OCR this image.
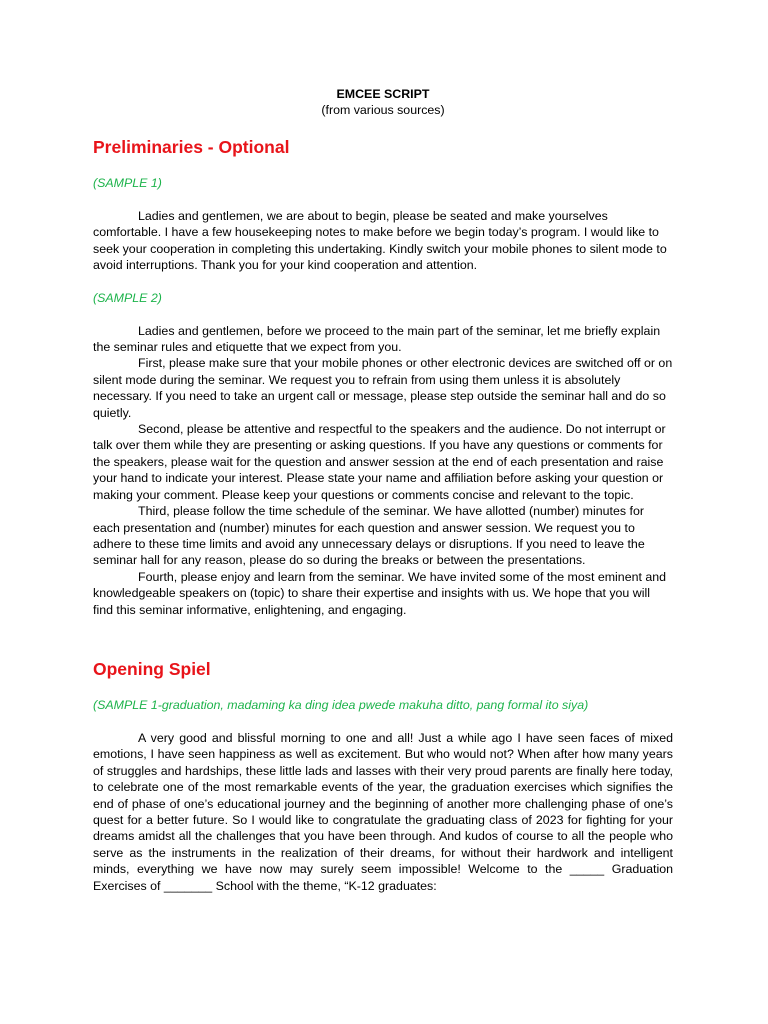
EMCEE SCRIPT

(from various sources)

Preliminaries - Optional

(SAMPLE 1)

Ladies and gentlemen, we are about to begin, please be seated and make yourselves comfortable. I have a few housekeeping notes to make before we begin today’s program. I would like to seek your cooperation in completing this undertaking. Kindly switch your mobile phones to silent mode to avoid interruptions. Thank you for your kind cooperation and attention.

(SAMPLE 2)

Ladies and gentlemen, before we proceed to the main part of the seminar, let me briefly explain the seminar rules and etiquette that we expect from you.

First, please make sure that your mobile phones or other electronic devices are switched off or on silent mode during the seminar. We request you to refrain from using them unless it is absolutely necessary. If you need to take an urgent call or message, please step outside the seminar hall and do so quietly.

Second, please be attentive and respectful to the speakers and the audience. Do not interrupt or talk over them while they are presenting or asking questions. If you have any questions or comments for the speakers, please wait for the question and answer session at the end of each presentation and raise your hand to indicate your interest. Please state your name and affiliation before asking your question or making your comment. Please keep your questions or comments concise and relevant to the topic.

Third, please follow the time schedule of the seminar. We have allotted (number) minutes for each presentation and (number) minutes for each question and answer session. We request you to adhere to these time limits and avoid any unnecessary delays or disruptions. If you need to leave the seminar hall for any reason, please do so during the breaks or between the presentations.

Fourth, please enjoy and learn from the seminar. We have invited some of the most eminent and knowledgeable speakers on (topic) to share their expertise and insights with us. We hope that you will find this seminar informative, enlightening, and engaging.

Opening Spiel

(SAMPLE 1-graduation, madaming ka ding idea pwede makuha ditto, pang formal ito siya)

A very good and blissful morning to one and all! Just a while ago I have seen faces of mixed emotions, I have seen happiness as well as excitement. But who would not? When after how many years of struggles and hardships, these little lads and lasses with their very proud parents are finally here today, to celebrate one of the most remarkable events of the year, the graduation exercises which signifies the end of phase of one’s educational journey and the beginning of another more challenging phase of one’s quest for a better future. So I would like to congratulate the graduating class of 2023 for fighting for your dreams amidst all the challenges that you have been through. And kudos of course to all the people who serve as the instruments in the realization of their dreams, for without their hardwork and intelligent minds, everything we have now may surely seem impossible! Welcome to the _____ Graduation Exercises of _______ School with the theme, “K-12 graduates:
